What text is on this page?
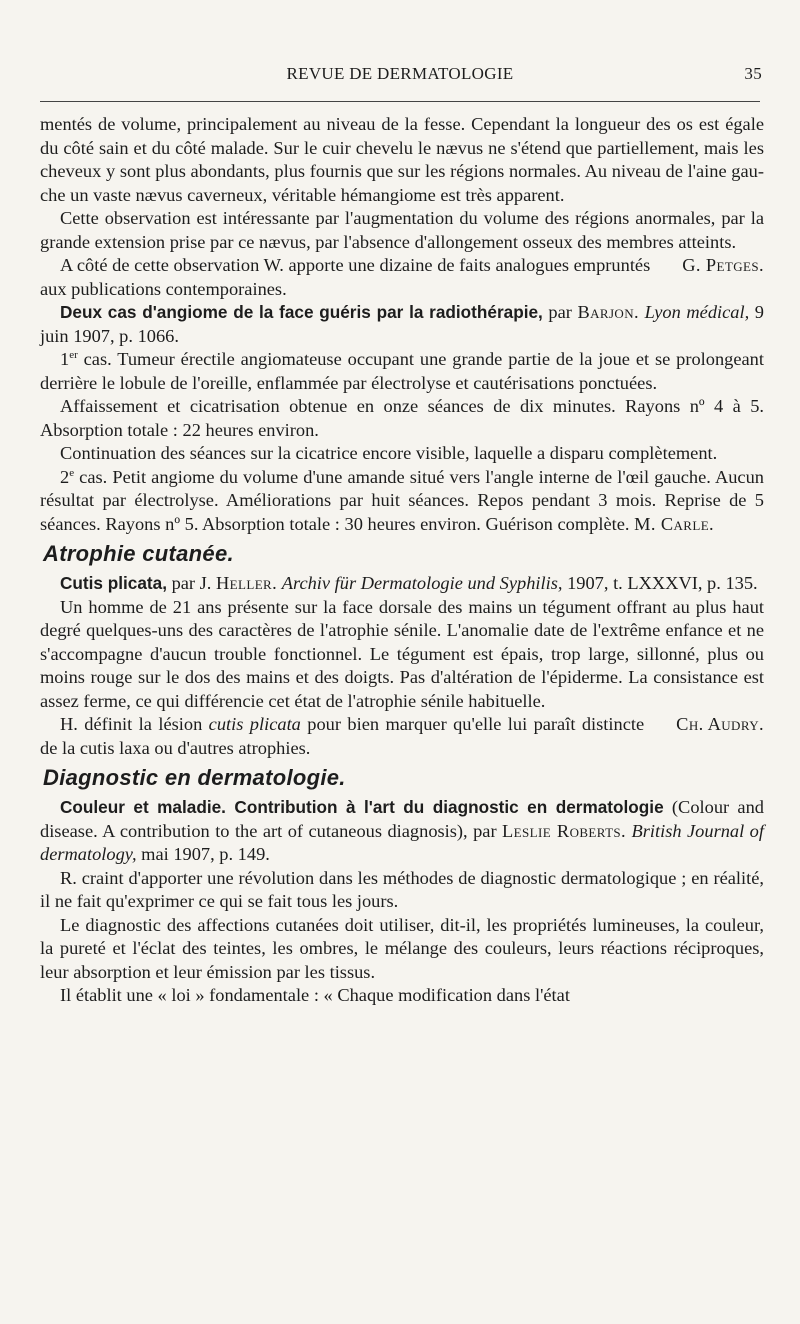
REVUE DE DERMATOLOGIE	35

mentés de volume, principalement au niveau de la fesse. Cependant la longueur des os est égale du côté sain et du côté malade. Sur le cuir chevelu le nævus ne s'étend que partiellement, mais les cheveux y sont plus abondants, plus fournis que sur les régions normales. Au niveau de l'aine gauche un vaste nævus caverneux, véritable hémangiome est très apparent.

Cette observation est intéressante par l'augmentation du volume des régions anormales, par la grande extension prise par ce nævus, par l'absence d'allongement osseux des membres atteints.

G. Petges.
A côté de cette observation W. apporte une dizaine de faits analogues empruntés aux publications contemporaines.

Deux cas d'angiome de la face guéris par la radiothérapie, par Barjon. Lyon médical, 9 juin 1907, p. 1066.

1er cas. Tumeur érectile angiomateuse occupant une grande partie de la joue et se prolongeant derrière le lobule de l'oreille, enflammée par électrolyse et cautérisations ponctuées.

Affaissement et cicatrisation obtenue en onze séances de dix minutes. Rayons nº 4 à 5. Absorption totale : 22 heures environ.

Continuation des séances sur la cicatrice encore visible, laquelle a disparu complètement.

2e cas. Petit angiome du volume d'une amande situé vers l'angle interne de l'œil gauche. Aucun résultat par électrolyse. Améliorations par huit séances. Repos pendant 3 mois. Reprise de 5 séances. Rayons nº 5. Absorption totale : 30 heures environ. Guérison complète. M. Carle.

Atrophie cutanée.

Cutis plicata, par J. Heller. Archiv für Dermatologie und Syphilis, 1907, t. LXXXVI, p. 135.

Un homme de 21 ans présente sur la face dorsale des mains un tégument offrant au plus haut degré quelques-uns des caractères de l'atrophie sénile. L'anomalie date de l'extrême enfance et ne s'accompagne d'aucun trouble fonctionnel. Le tégument est épais, trop large, sillonné, plus ou moins rouge sur le dos des mains et des doigts. Pas d'altération de l'épiderme. La consistance est assez ferme, ce qui différencie cet état de l'atrophie sénile habituelle.

Ch. Audry.
H. définit la lésion cutis plicata pour bien marquer qu'elle lui paraît distincte de la cutis laxa ou d'autres atrophies.

Diagnostic en dermatologie.

Couleur et maladie. Contribution à l'art du diagnostic en dermatologie (Colour and disease. A contribution to the art of cutaneous diagnosis), par Leslie Roberts. British Journal of dermatology, mai 1907, p. 149.

R. craint d'apporter une révolution dans les méthodes de diagnostic dermatologique ; en réalité, il ne fait qu'exprimer ce qui se fait tous les jours.

Le diagnostic des affections cutanées doit utiliser, dit-il, les propriétés lumineuses, la couleur, la pureté et l'éclat des teintes, les ombres, le mélange des couleurs, leurs réactions réciproques, leur absorption et leur émission par les tissus.

Il établit une « loi » fondamentale : « Chaque modification dans l'état
